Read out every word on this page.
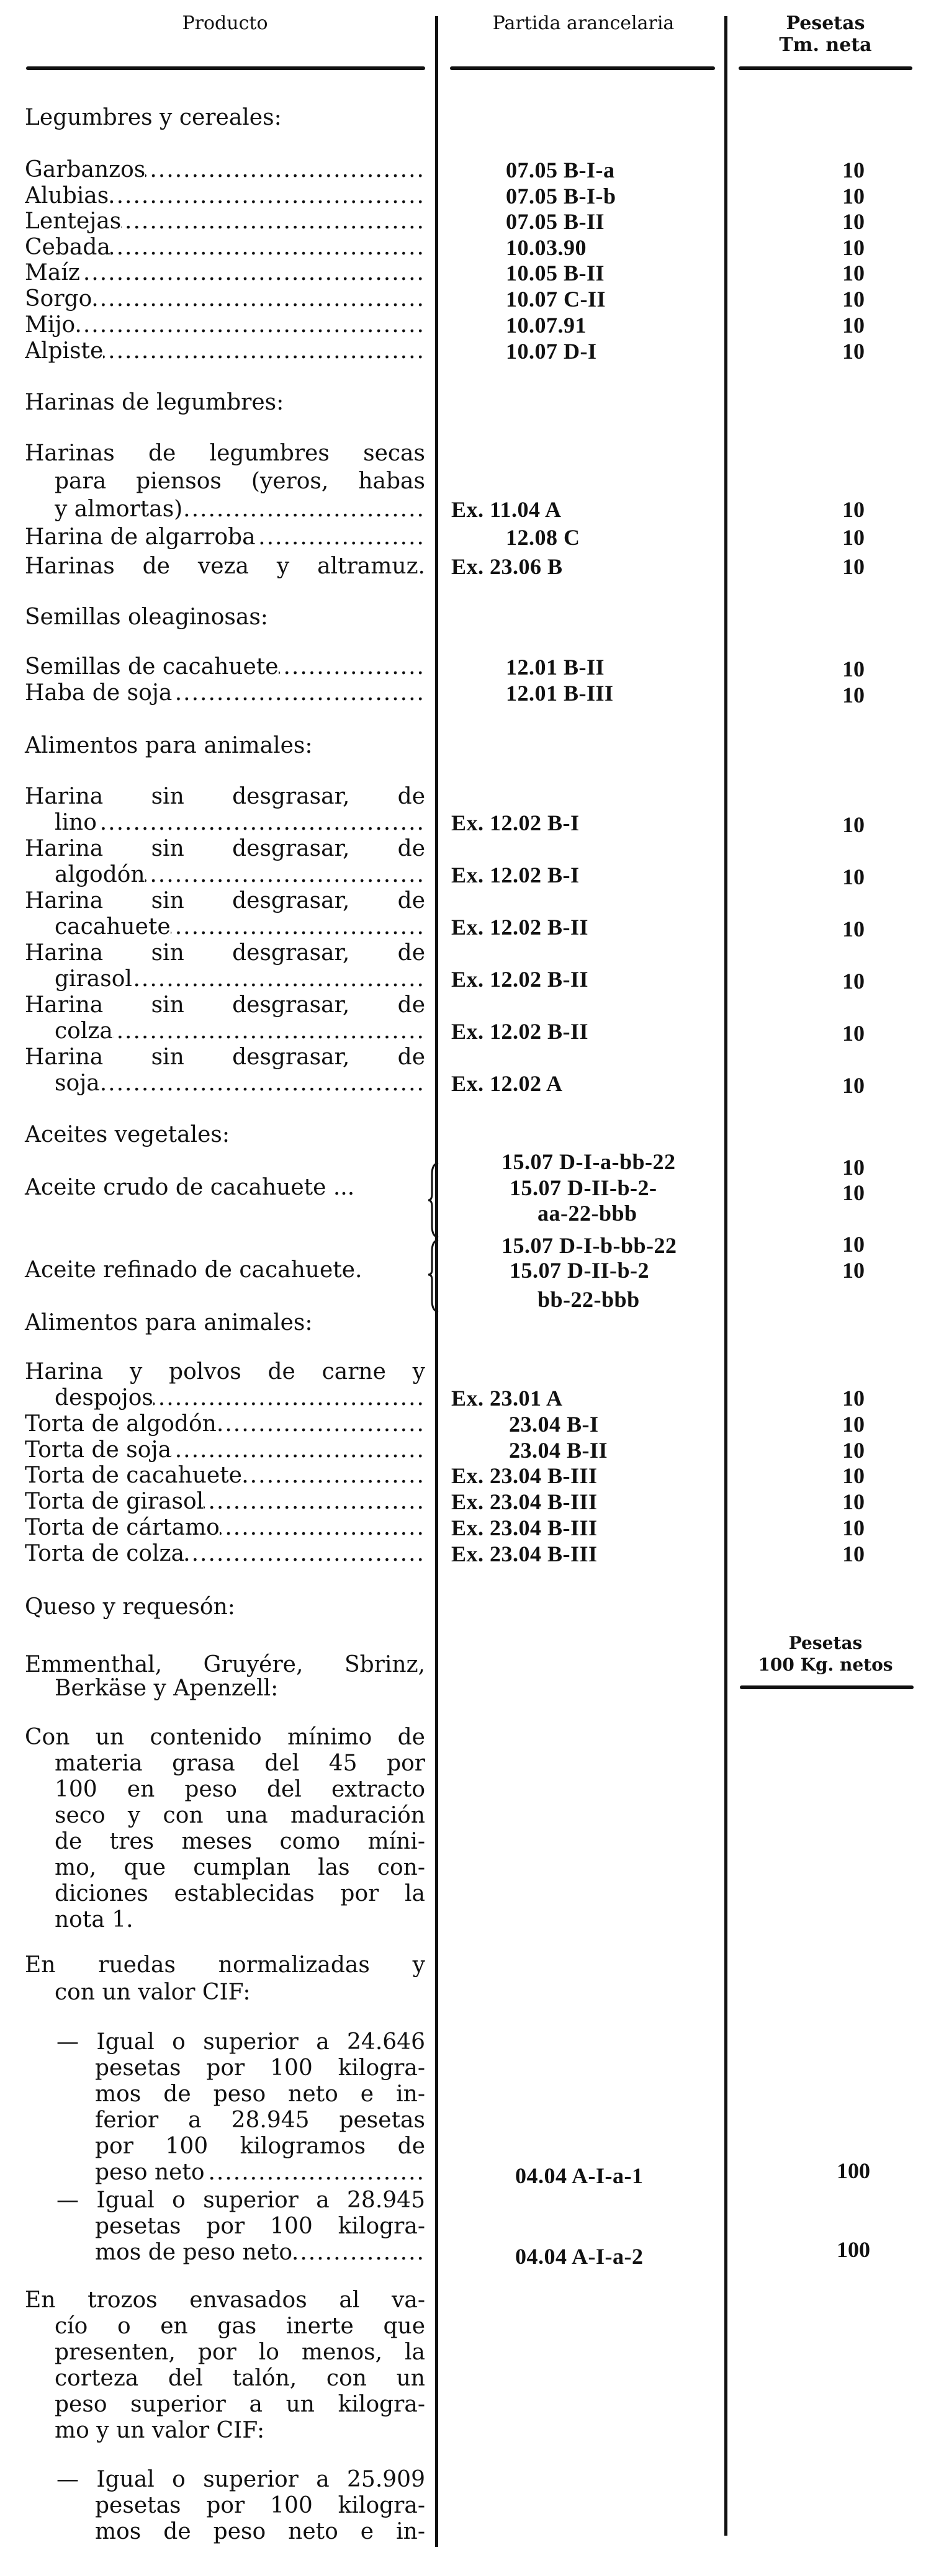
Producto	Partida arancelaria	Pesetas
Tm. neta
Pesetas
100 Kg. netos
Legumbres y cereales:
Garbanzos .....
Alubias .....
Lentejas .....
Cebada .....
Maíz .....
Sorgo .....
Mijo .....
Alpiste .....
Harinas de legumbres:
Harinas de legumbres secas
para piensos (yeros, habas
y almortas) .....
Harina de algarroba .....
Harinas de veza y altramuz.
Semillas oleaginosas:
Semillas de cacahuete .....
Haba de soja .....
Alimentos para animales:
Harina sin desgrasar, de
lino .....
Harina sin desgrasar, de
algodón .....
Harina sin desgrasar, de
cacahuete .....
Harina sin desgrasar, de
girasol .....
Harina sin desgrasar, de
colza .....
Harina sin desgrasar, de
soja .....
Aceites vegetales:
Aceite crudo de cacahuete ...
Aceite refinado de cacahuete.
Alimentos para animales:
Harina y polvos de carne y
despojos .....
Torta de algodón .....
Torta de soja .....
Torta de cacahuete .....
Torta de girasol .....
Torta de cártamo .....
Torta de colza .....
Queso y requesón:
Emmenthal, Gruyére, Sbrinz,
Berkäse y Apenzell:
Con un contenido mínimo de
materia grasa del 45 por
100 en peso del extracto
seco y con una maduración
de tres meses como míni-
mo, que cumplan las con-
diciones establecidas por la
nota 1.
En ruedas normalizadas y
con un valor CIF:
— Igual o superior a 24.646
pesetas por 100 kilogra-
mos de peso neto e in-
ferior a 28.945 pesetas
por 100 kilogramos de
peso neto .....
— Igual o superior a 28.945
pesetas por 100 kilogra-
mos de peso neto .....
En trozos envasados al va-
cío o en gas inerte que
presenten, por lo menos, la
corteza del talón, con un
peso superior a un kilogra-
mo y un valor CIF:
— Igual o superior a 25.909
pesetas por 100 kilogra-
mos de peso neto e in-
07.05 B-I-a
07.05 B-I-b
07.05 B-II
10.03.90
10.05 B-II
10.07 C-II
10.07.91
10.07 D-I
Ex. 11.04 A
12.08 C
Ex. 23.06 B
12.01 B-II
12.01 B-III
Ex. 12.02 B-I
Ex. 12.02 B-I
Ex. 12.02 B-II
Ex. 12.02 B-II
Ex. 12.02 B-II
Ex. 12.02 A
15.07 D-I-a-bb-22
15.07 D-II-b-2-
aa-22-bbb
15.07 D-I-b-bb-22
15.07 D-II-b-2
bb-22-bbb
Ex. 23.01 A
23.04 B-I
23.04 B-II
Ex. 23.04 B-III
Ex. 23.04 B-III
Ex. 23.04 B-III
Ex. 23.04 B-III
04.04 A-I-a-1
04.04 A-I-a-2
10
10
10
10
10
10
10
10
10
10
10
10
10
10
10
10
10
10
10
10
10
10
10
10
10
10
10
10
10
10
100
100
